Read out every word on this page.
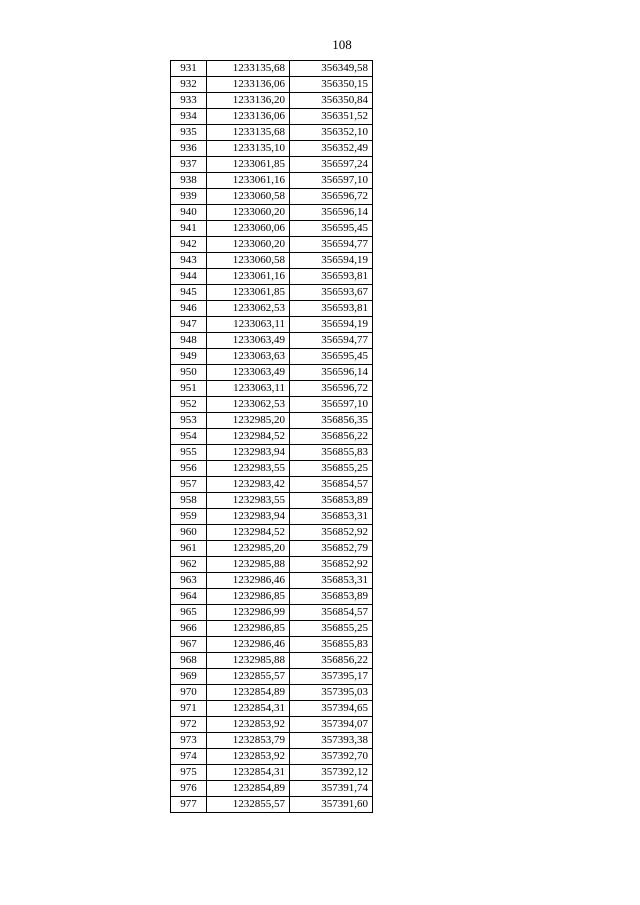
108
931	1233135,68	356349,58
932	1233136,06	356350,15
933	1233136,20	356350,84
934	1233136,06	356351,52
935	1233135,68	356352,10
936	1233135,10	356352,49
937	1233061,85	356597,24
938	1233061,16	356597,10
939	1233060,58	356596,72
940	1233060,20	356596,14
941	1233060,06	356595,45
942	1233060,20	356594,77
943	1233060,58	356594,19
944	1233061,16	356593,81
945	1233061,85	356593,67
946	1233062,53	356593,81
947	1233063,11	356594,19
948	1233063,49	356594,77
949	1233063,63	356595,45
950	1233063,49	356596,14
951	1233063,11	356596,72
952	1233062,53	356597,10
953	1232985,20	356856,35
954	1232984,52	356856,22
955	1232983,94	356855,83
956	1232983,55	356855,25
957	1232983,42	356854,57
958	1232983,55	356853,89
959	1232983,94	356853,31
960	1232984,52	356852,92
961	1232985,20	356852,79
962	1232985,88	356852,92
963	1232986,46	356853,31
964	1232986,85	356853,89
965	1232986,99	356854,57
966	1232986,85	356855,25
967	1232986,46	356855,83
968	1232985,88	356856,22
969	1232855,57	357395,17
970	1232854,89	357395,03
971	1232854,31	357394,65
972	1232853,92	357394,07
973	1232853,79	357393,38
974	1232853,92	357392,70
975	1232854,31	357392,12
976	1232854,89	357391,74
977	1232855,57	357391,60
